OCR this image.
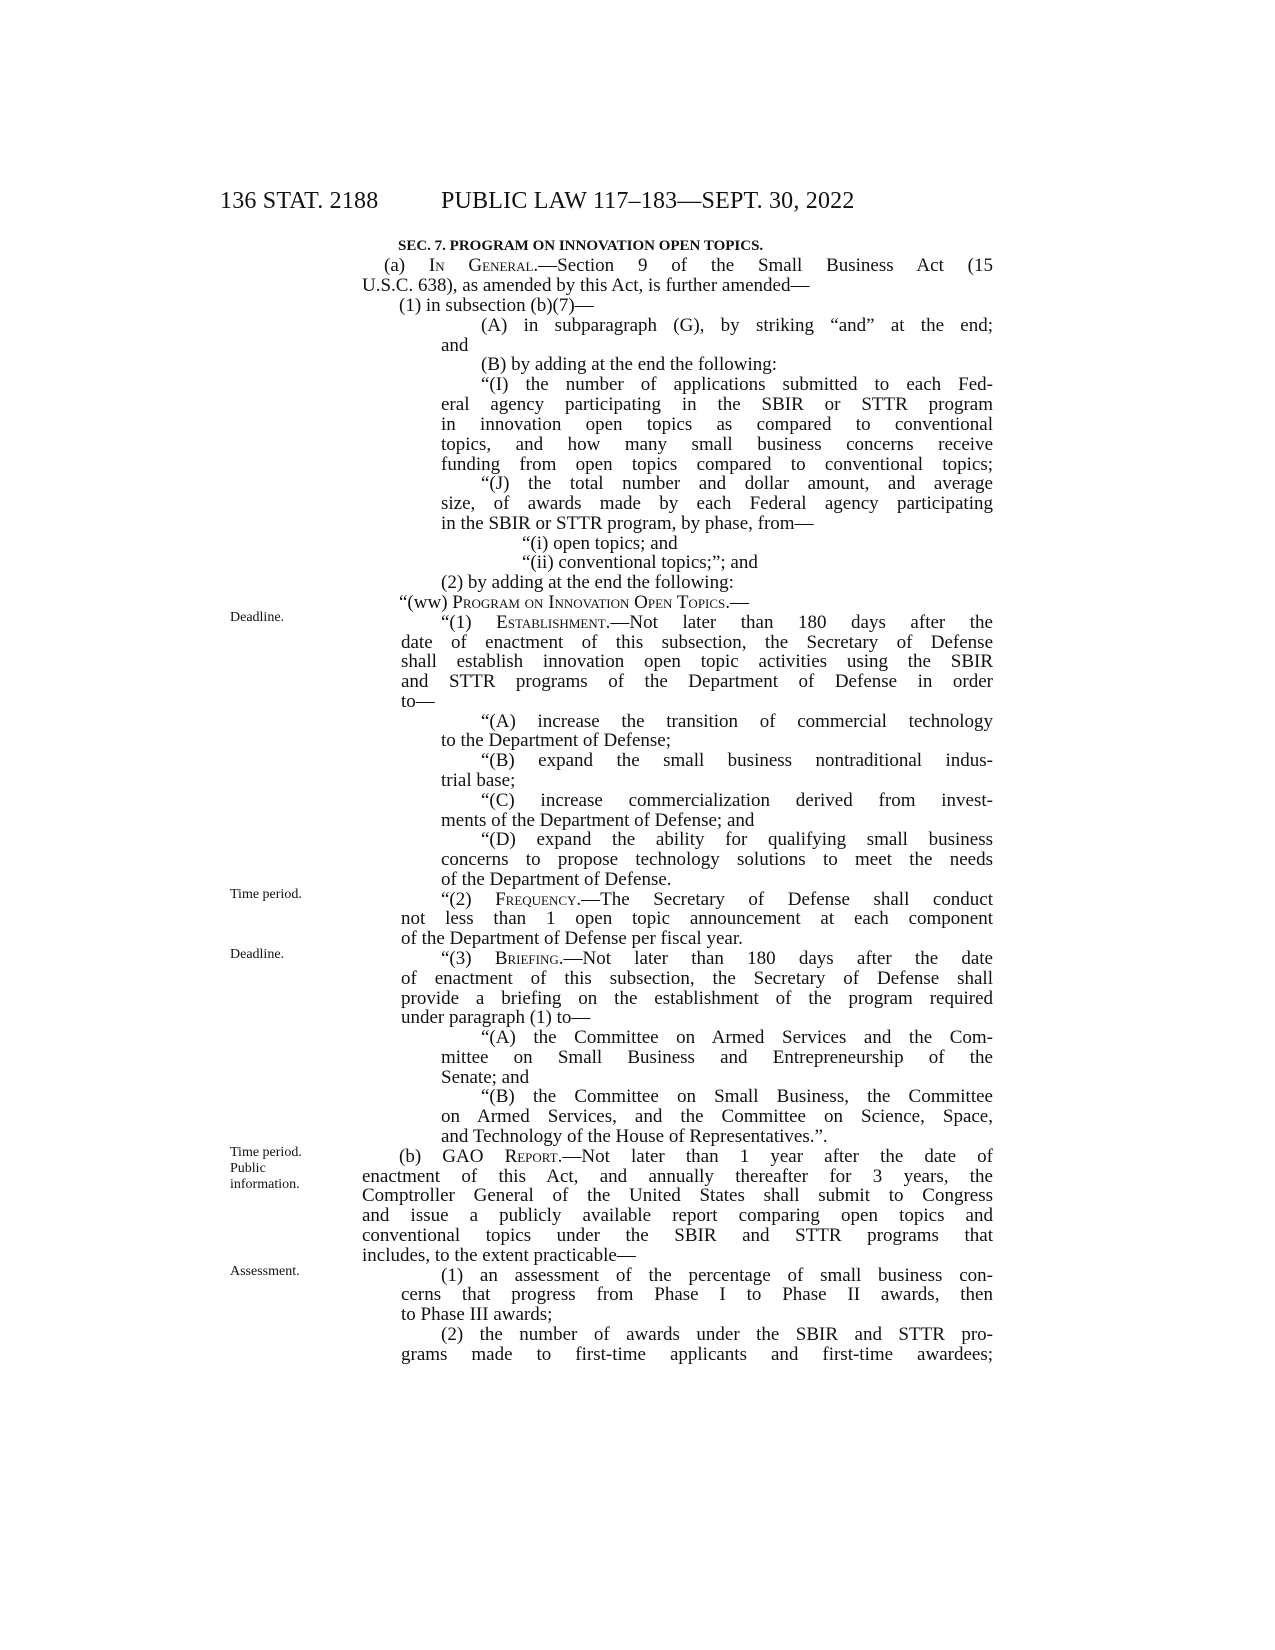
136 STAT. 2188	PUBLIC LAW 117–183—SEPT. 30, 2022
SEC. 7. PROGRAM ON INNOVATION OPEN TOPICS.
Deadline.
Time period.
Deadline.
Time period.
Public
information.
Assessment.
(a) In General.—Section 9 of the Small Business Act (15
U.S.C. 638), as amended by this Act, is further amended—
(1) in subsection (b)(7)—
(A) in subparagraph (G), by striking “and” at the end;
and
(B) by adding at the end the following:
“(I) the number of applications submitted to each Fed-
eral agency participating in the SBIR or STTR program
in innovation open topics as compared to conventional
topics, and how many small business concerns receive
funding from open topics compared to conventional topics;
“(J) the total number and dollar amount, and average
size, of awards made by each Federal agency participating
in the SBIR or STTR program, by phase, from—
“(i) open topics; and
“(ii) conventional topics;”; and
(2) by adding at the end the following:
“(ww) Program on Innovation Open Topics.—
“(1) Establishment.—Not later than 180 days after the
date of enactment of this subsection, the Secretary of Defense
shall establish innovation open topic activities using the SBIR
and STTR programs of the Department of Defense in order
to—
“(A) increase the transition of commercial technology
to the Department of Defense;
“(B) expand the small business nontraditional indus-
trial base;
“(C) increase commercialization derived from invest-
ments of the Department of Defense; and
“(D) expand the ability for qualifying small business
concerns to propose technology solutions to meet the needs
of the Department of Defense.
“(2) Frequency.—The Secretary of Defense shall conduct
not less than 1 open topic announcement at each component
of the Department of Defense per fiscal year.
“(3) Briefing.—Not later than 180 days after the date
of enactment of this subsection, the Secretary of Defense shall
provide a briefing on the establishment of the program required
under paragraph (1) to—
“(A) the Committee on Armed Services and the Com-
mittee on Small Business and Entrepreneurship of the
Senate; and
“(B) the Committee on Small Business, the Committee
on Armed Services, and the Committee on Science, Space,
and Technology of the House of Representatives.”.
(b) GAO Report.—Not later than 1 year after the date of
enactment of this Act, and annually thereafter for 3 years, the
Comptroller General of the United States shall submit to Congress
and issue a publicly available report comparing open topics and
conventional topics under the SBIR and STTR programs that
includes, to the extent practicable—
(1) an assessment of the percentage of small business con-
cerns that progress from Phase I to Phase II awards, then
to Phase III awards;
(2) the number of awards under the SBIR and STTR pro-
grams made to first-time applicants and first-time awardees;
